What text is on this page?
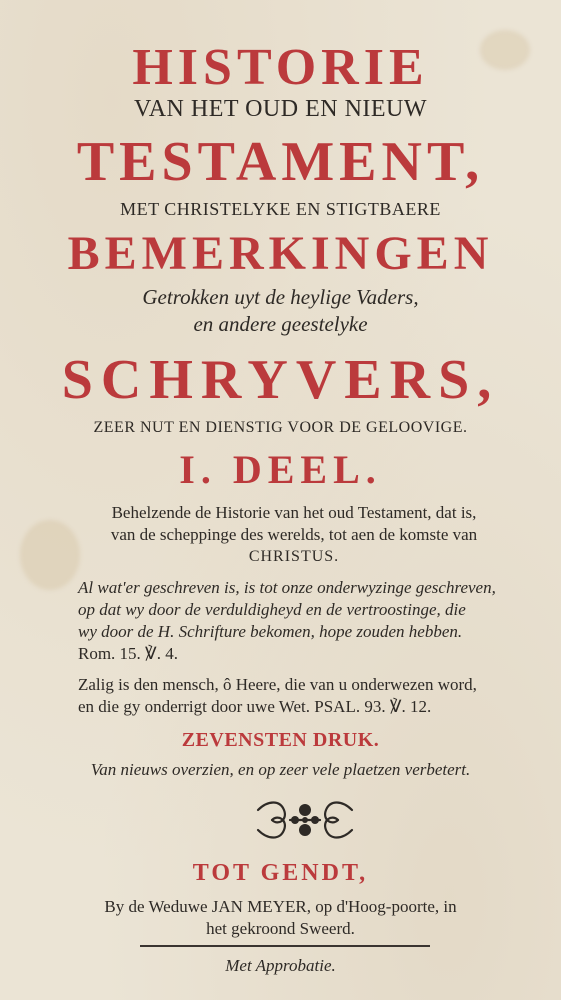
HISTORIE
VAN HET OUD EN NIEUW
TESTAMENT,
MET CHRISTELYKE EN STIGTBAERE
BEMERKINGEN
Getrokken uyt de heylige Vaders,
en andere geestelyke
SCHRYVERS,
ZEER NUT EN DIENSTIG VOOR DE GELOOVIGE.
I. DEEL.
Behelzende de Historie van het oud Testament, dat is,
van de scheppinge des werelds, tot aen de komste van
CHRISTUS.
Al wat'er geschreven is, is tot onze onderwyzinge geschreven,
op dat wy door de verduldigheyd en de vertroostinge, die
wy door de H. Schrifture bekomen, hope zouden hebben.
Rom. 15. ℣. 4.
Zalig is den mensch, ô Heere, die van u onderwezen word,
en die gy onderrigt door uwe Wet. PSAL. 93. ℣. 12.
ZEVENSTEN DRUK.
Van nieuws overzien, en op zeer vele plaetzen verbetert.
TOT GENDT,
By de Weduwe JAN MEYER, op d'Hoog-poorte, in
het gekroond Sweerd.
Met Approbatie.
